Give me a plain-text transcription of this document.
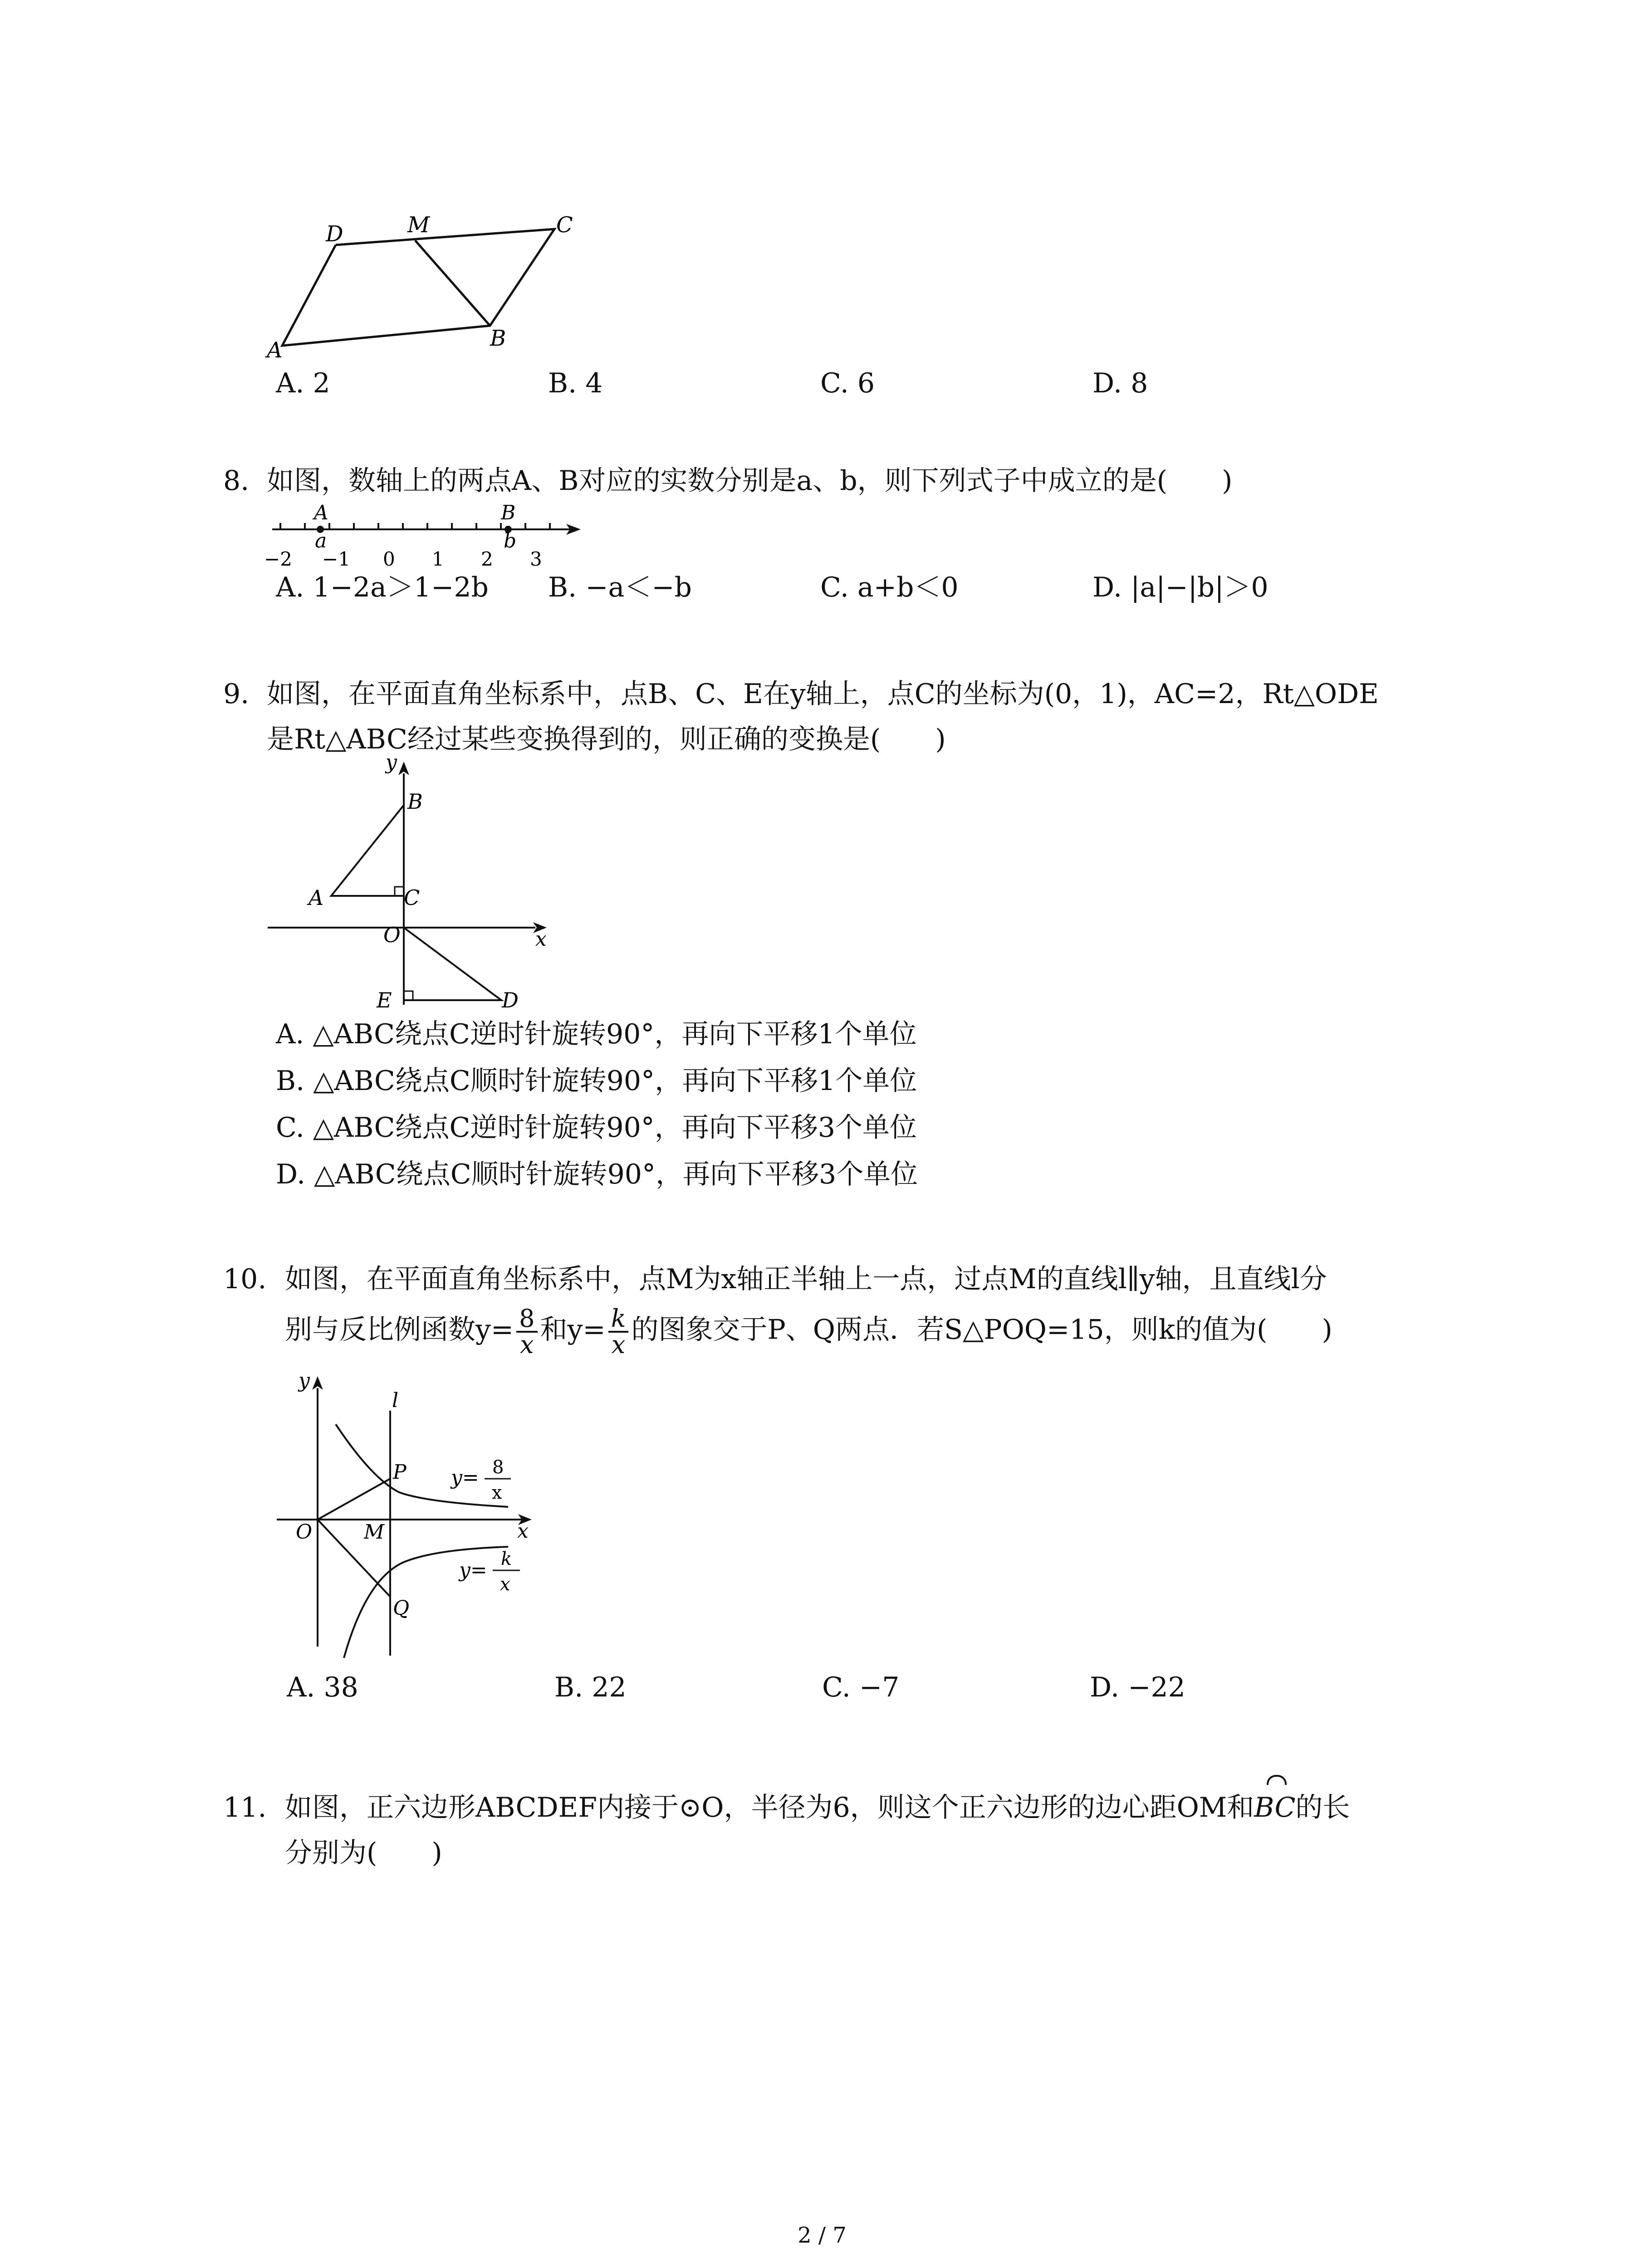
D	M	C
B
A
A. 2	B. 4	C. 6	D. 8
8. 如图，数轴上的两点A、B对应的实数分别是a、b，则下列式子中成立的是(　　)
A	B
a	b
−2 −1 0 1 2 3
A. 1−2a＞1−2b B. −a＜−b	C. a+b＜0	D. |a|−|b|＞0
9. 如图，在平面直角坐标系中，点B、C、E在y轴上，点C的坐标为(0，1)，AC=2，Rt△ODE
是Rt△ABC经过某些变换得到的，则正确的变换是(　　)
y
B
A	C
O	x
E	D
A. △ABC绕点C逆时针旋转90°，再向下平移1个单位
B. △ABC绕点C顺时针旋转90°，再向下平移1个单位
C. △ABC绕点C逆时针旋转90°，再向下平移3个单位
D. △ABC绕点C顺时针旋转90°，再向下平移3个单位
10. 如图，在平面直角坐标系中，点M为x轴正半轴上一点，过点M的直线l∥y轴，且直线l分
别与反比例函数$y= \frac{8}{x}$ 和$y= \frac{k}{x}$ 的图象交于P、Q两点．若S△POQ=15，则k的值为(　　)
y
l
P
O	M	x
Q
y= 8
x
y= k
x
A. 38	B. 22	C. −7	D. −22
11. 如图，正六边形ABCDEF内接于⊙O，半径为6，则这个正六边形的边心距OM和BC的长
分别为(　　)
2 / 7
